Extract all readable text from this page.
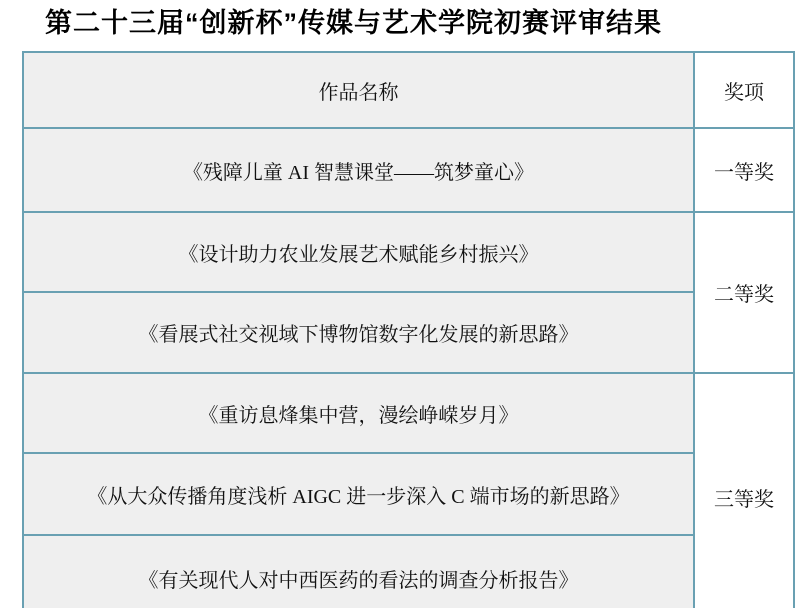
第二十三届“创新杯”传媒与艺术学院初赛评审结果
作品名称	奖项
《残障儿童 AI 智慧课堂——筑梦童心》	一等奖
《设计助力农业发展艺术赋能乡村振兴》	二等奖
《看展式社交视域下博物馆数字化发展的新思路》	
《重访息烽集中营，漫绘峥嵘岁月》	三等奖
《从大众传播角度浅析 AIGC 进一步深入 C 端市场的新思路》	
《有关现代人对中西医药的看法的调查分析报告》	
